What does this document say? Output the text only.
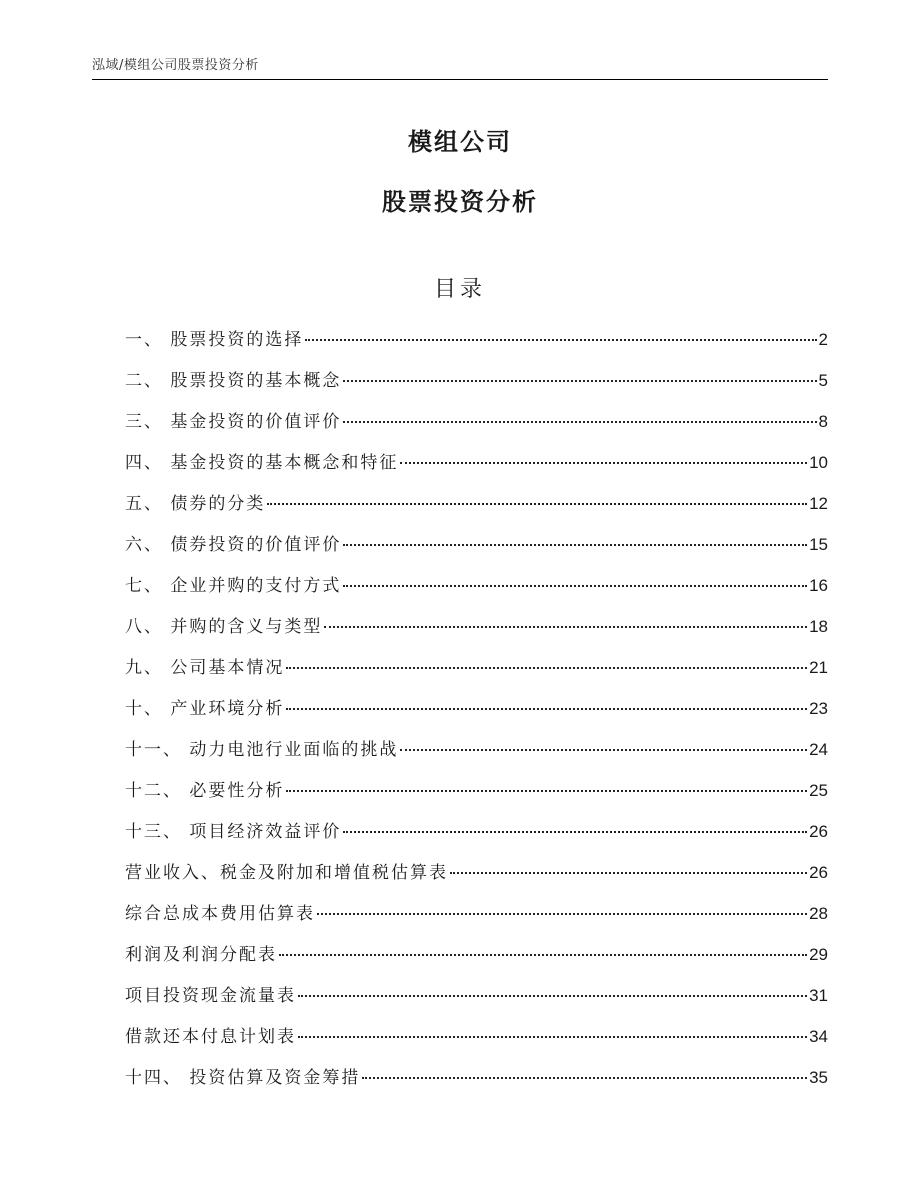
泓域/模组公司股票投资分析
模组公司
股票投资分析
目录
一、 股票投资的选择	2
二、 股票投资的基本概念	5
三、 基金投资的价值评价	8
四、 基金投资的基本概念和特征	10
五、 债券的分类	12
六、 债券投资的价值评价	15
七、 企业并购的支付方式	16
八、 并购的含义与类型	18
九、 公司基本情况	21
十、 产业环境分析	23
十一、 动力电池行业面临的挑战	24
十二、 必要性分析	25
十三、 项目经济效益评价	26
营业收入、税金及附加和增值税估算表	26
综合总成本费用估算表	28
利润及利润分配表	29
项目投资现金流量表	31
借款还本付息计划表	34
十四、 投资估算及资金筹措	35
